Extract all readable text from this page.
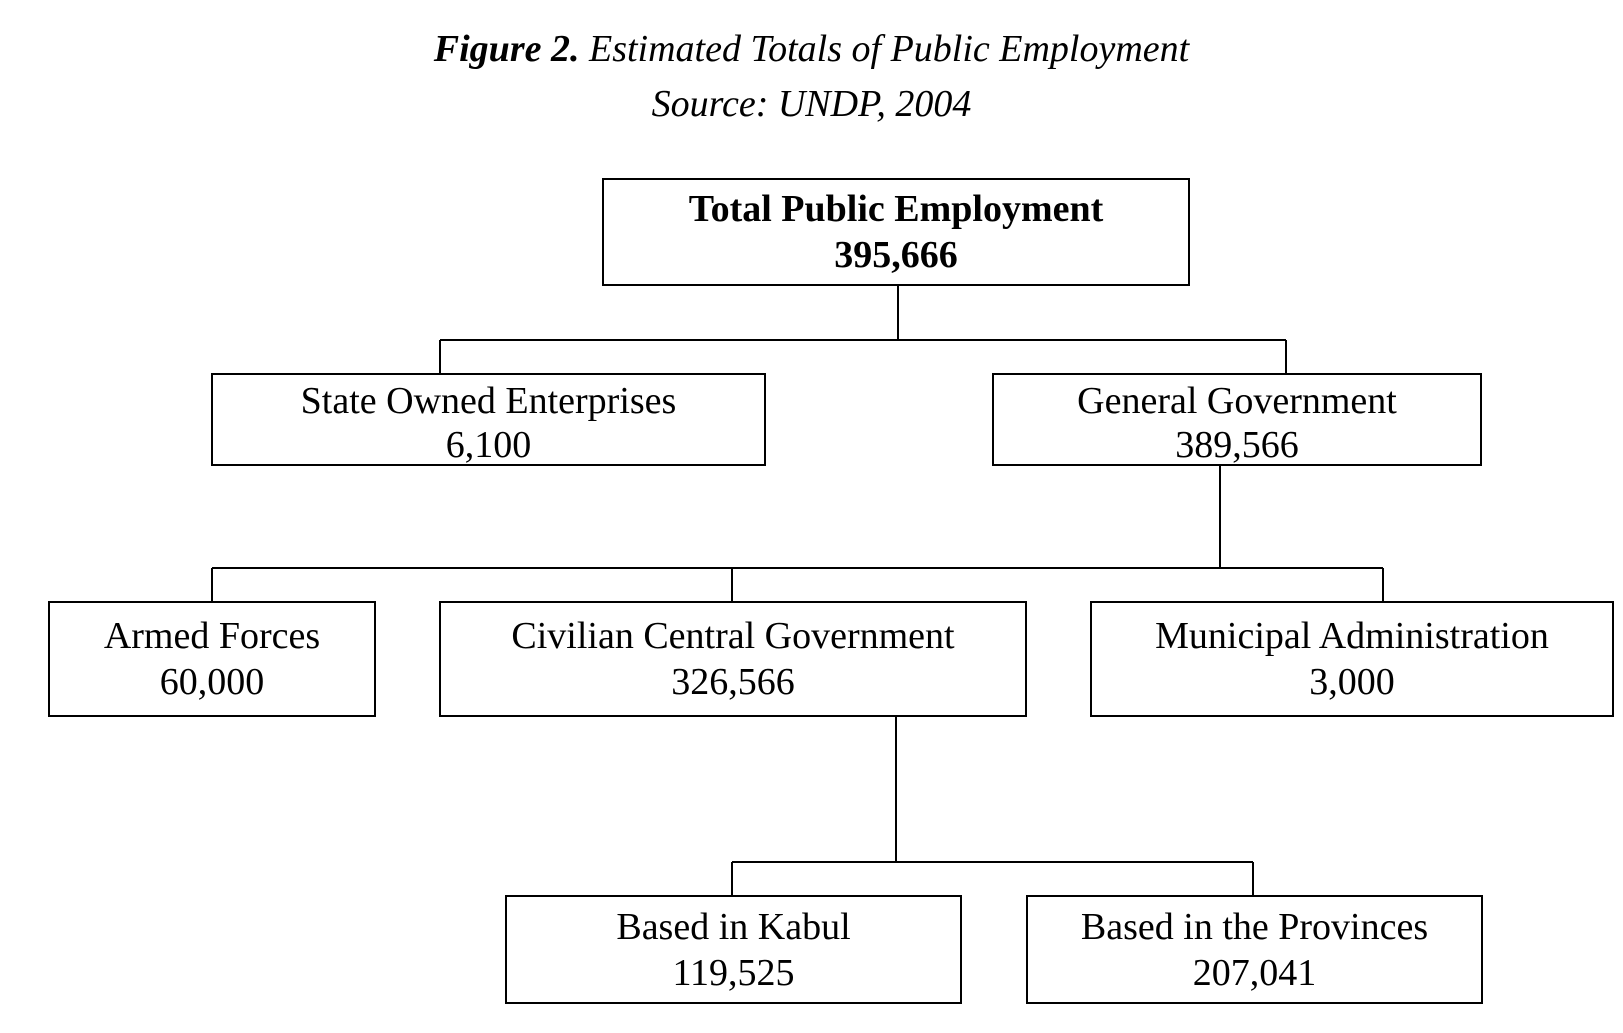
Figure 2. Estimated Totals of Public Employment
Source: UNDP, 2004
Total Public Employment
395,666
State Owned Enterprises
6,100
General Government
389,566
Armed Forces
60,000
Civilian Central Government
326,566
Municipal Administration
3,000
Based in Kabul
119,525
Based in the Provinces
207,041
